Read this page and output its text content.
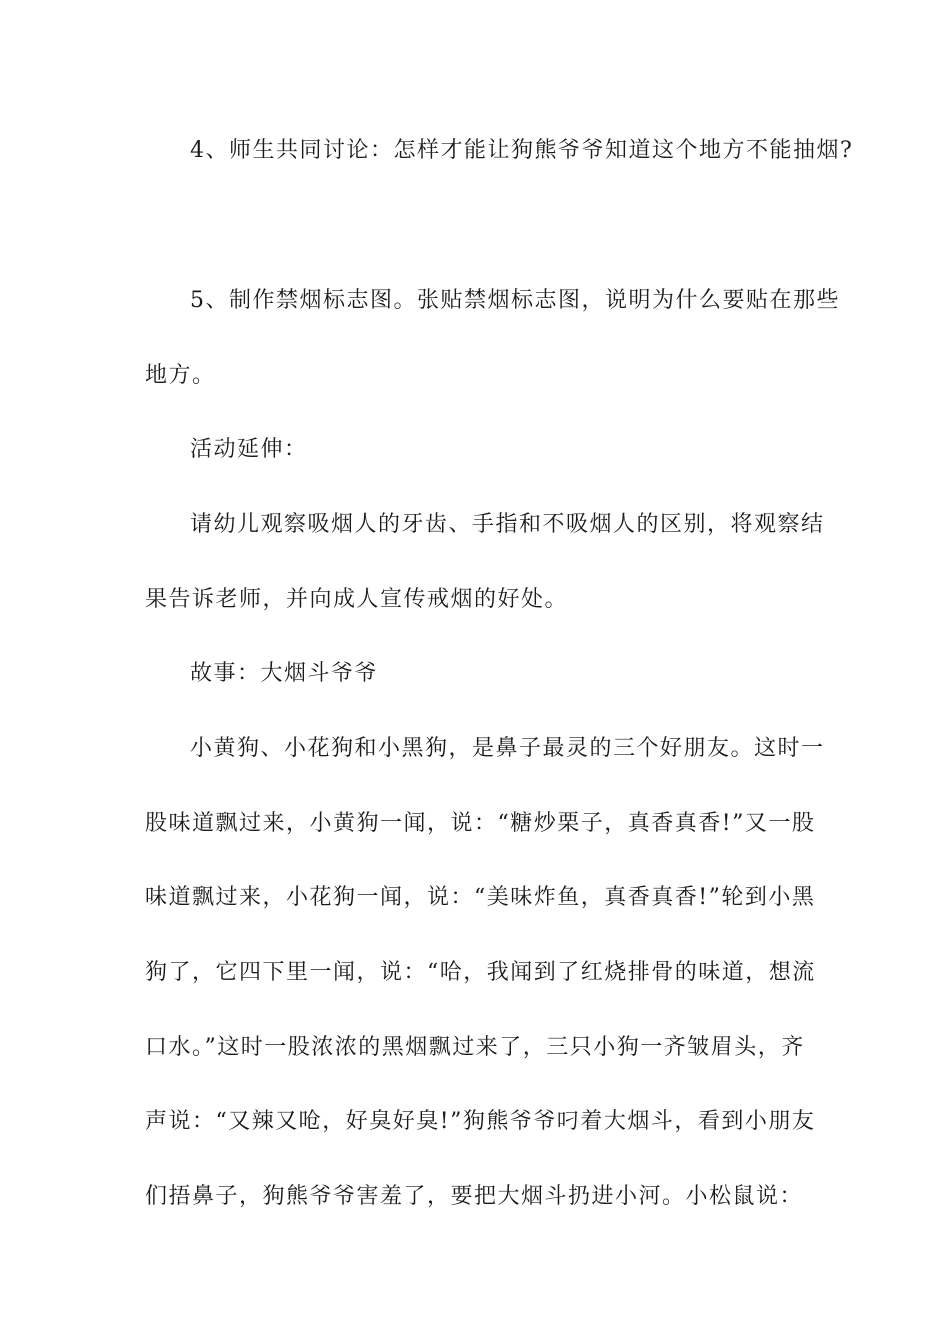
4、师生共同讨论：怎样才能让狗熊爷爷知道这个地方不能抽烟?
5、制作禁烟标志图。张贴禁烟标志图，说明为什么要贴在那些
地方。
活动延伸：
请幼儿观察吸烟人的牙齿、手指和不吸烟人的区别，将观察结
果告诉老师，并向成人宣传戒烟的好处。
故事：大烟斗爷爷
小黄狗、小花狗和小黑狗，是鼻子最灵的三个好朋友。这时一
股味道飘过来，小黄狗一闻，说：“糖炒栗子，真香真香!”又一股
味道飘过来，小花狗一闻，说：“美味炸鱼，真香真香!”轮到小黑
狗了，它四下里一闻，说：“哈，我闻到了红烧排骨的味道，想流
口水。”这时一股浓浓的黑烟飘过来了，三只小狗一齐皱眉头，齐
声说：“又辣又呛，好臭好臭!”狗熊爷爷叼着大烟斗，看到小朋友
们捂鼻子，狗熊爷爷害羞了，要把大烟斗扔进小河。小松鼠说：
